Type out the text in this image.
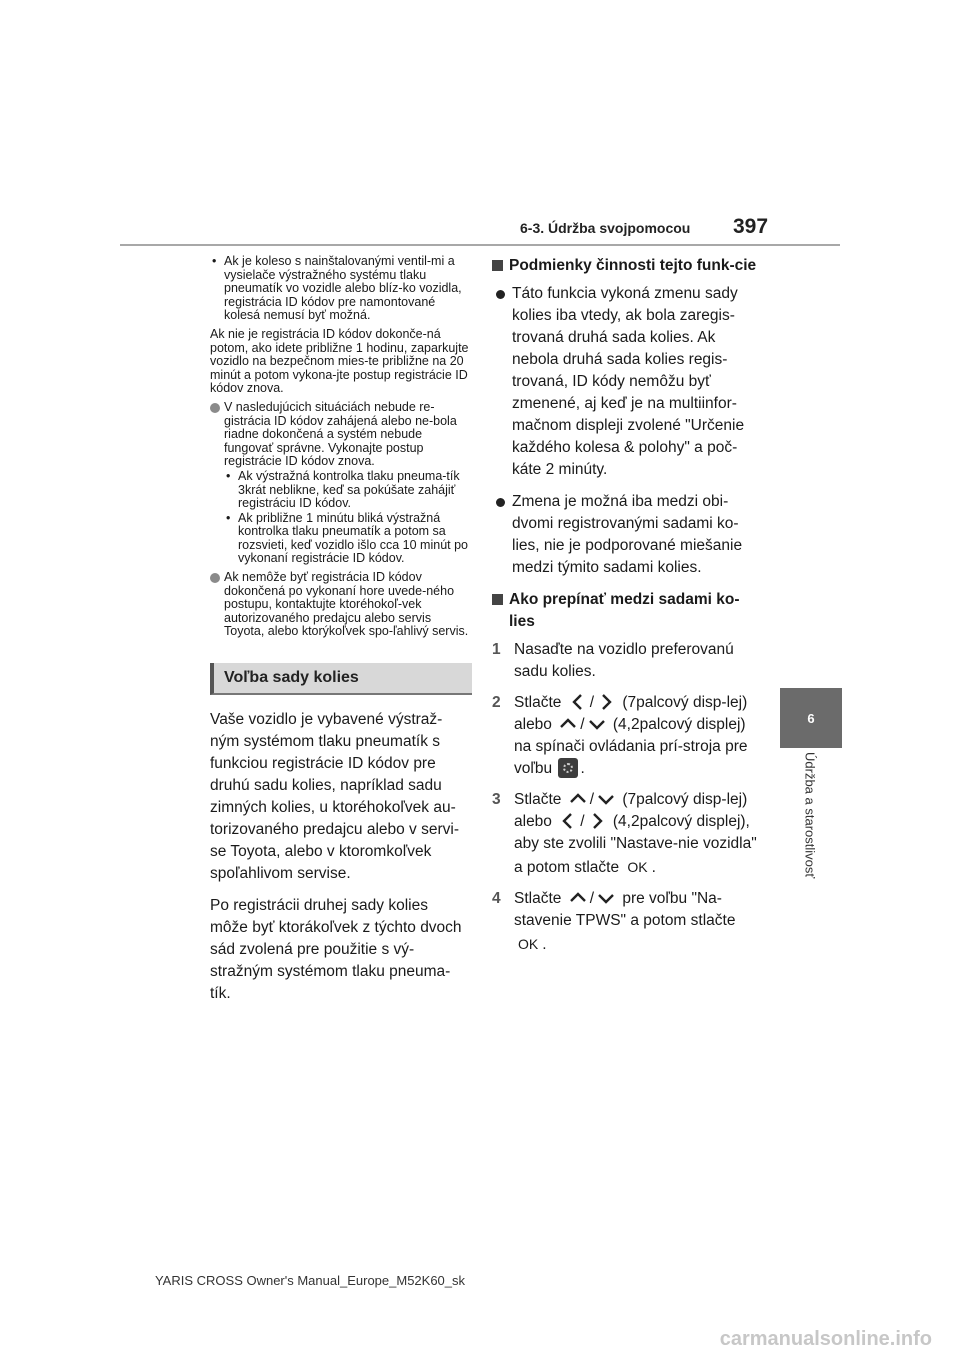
6-3. Údržba svojpomocou 397
6
Údržba a starostlivosť
• Ak je koleso s nainštalovanými ventil-mi a vysielače výstražného systému tlaku pneumatík vo vozidle alebo blíz-ko vozidla, registrácia ID kódov pre namontované kolesá nemusí byť možná.
Ak nie je registrácia ID kódov dokonče-ná potom, ako idete približne 1 hodinu, zaparkujte vozidlo na bezpečnom mies-te približne na 20 minút a potom vykona-jte postup registrácie ID kódov znova.
V nasledujúcich situáciách nebude re-gistrácia ID kódov zahájená alebo ne-bola riadne dokončená a systém nebude fungovať správne. Vykonajte postup registrácie ID kódov znova.
• Ak výstražná kontrolka tlaku pneuma-tík 3krát neblikne, keď sa pokúšate zahájiť registráciu ID kódov.
• Ak približne 1 minútu bliká výstražná kontrolka tlaku pneumatík a potom sa rozsvieti, keď vozidlo išlo cca 10 minút po vykonaní registrácie ID kódov.
Ak nemôže byť registrácia ID kódov dokončená po vykonaní hore uvede-ného postupu, kontaktujte ktoréhokoľ-vek autorizovaného predajcu alebo servis Toyota, alebo ktorýkoľvek spo-ľahlivý servis.
Voľba sady kolies

Vaše vozidlo je vybavené výstraž-ným systémom tlaku pneumatík s funkciou registrácie ID kódov pre druhú sadu kolies, napríklad sadu zimných kolies, u ktoréhokoľvek au-torizovaného predajcu alebo v servi-se Toyota, alebo v ktoromkoľvek spoľahlivom servise.

Po registrácii druhej sady kolies môže byť ktorákoľvek z týchto dvoch sád zvolená pre použitie s vý-stražným systémom tlaku pneuma-tík.

Podmienky činnosti tejto funk-cie
Táto funkcia vykoná zmenu sady kolies iba vtedy, ak bola zaregis-trovaná druhá sada kolies. Ak nebola druhá sada kolies regis-trovaná, ID kódy nemôžu byť zmenené, aj keď je na multiinfor-mačnom displeji zvolené "Určenie každého kolesa & polohy" a poč-káte 2 minúty.
Zmena je možná iba medzi obi-dvomi registrovanými sadami ko-lies, nie je podporované miešanie medzi týmito sadami kolies.
Ako prepínať medzi sadami ko-lies
1 Nasaďte na vozidlo preferovanú sadu kolies.
2 Stlačte / (7palcový disp-lej) alebo / (4,2palcový displej) na spínači ovládania prí-stroja pre voľbu .
3 Stlačte / (7palcový disp-lej) alebo / (4,2palcový displej), aby ste zvolili "Nastave-nie vozidla" a potom stlačte OK .
4 Stlačte / pre voľbu "Na-stavenie TPWS" a potom stlačte OK .
YARIS CROSS Owner's Manual_Europe_M52K60_sk
carmanualsonline.info
